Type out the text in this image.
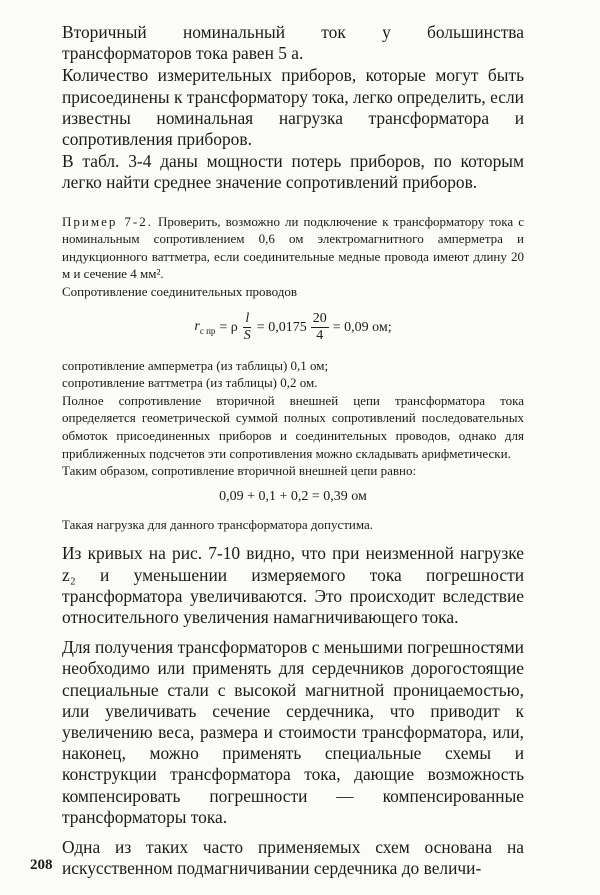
Вторичный номинальный ток у большинства трансформаторов тока равен 5 а.

Количество измерительных приборов, которые могут быть присоединены к трансформатору тока, легко определить, если известны номинальная нагрузка трансформатора и сопротивления приборов.

В табл. 3-4 даны мощности потерь приборов, по которым легко найти среднее значение сопротивлений приборов.

Пример 7-2. Проверить, возможно ли подключение к трансформатору тока с номинальным сопротивлением 0,6 ом электромагнитного амперметра и индукционного ваттметра, если соединительные медные провода имеют длину 20 м и сечение 4 мм².

Сопротивление соединительных проводов

$r_{с пр} = \rho \frac{l}{S} = 0,0175 \frac{20}{4} = 0,09$ ом;

сопротивление амперметра (из таблицы) 0,1 ом;

сопротивление ваттметра (из таблицы) 0,2 ом.

Полное сопротивление вторичной внешней цепи трансформатора тока определяется геометрической суммой полных сопротивлений последовательных обмоток присоединенных приборов и соединительных проводов, однако для приближенных подсчетов эти сопротивления можно складывать арифметически.

Таким образом, сопротивление вторичной внешней цепи равно:

0,09 + 0,1 + 0,2 = 0,39 ом

Такая нагрузка для данного трансформатора допустима.

Из кривых на рис. 7-10 видно, что при неизменной нагрузке z₂ и уменьшении измеряемого тока погрешности трансформатора увеличиваются. Это происходит вследствие относительного увеличения намагничивающего тока.

Для получения трансформаторов с меньшими погрешностями необходимо или применять для сердечников дорогостоящие специальные стали с высокой магнитной проницаемостью, или увеличивать сечение сердечника, что приводит к увеличению веса, размера и стоимости трансформатора, или, наконец, можно применять специальные схемы и конструкции трансформатора тока, дающие возможность компенсировать погрешности — компенсированные трансформаторы тока.

Одна из таких часто применяемых схем основана на искусственном подмагничивании сердечника до величи-

208
